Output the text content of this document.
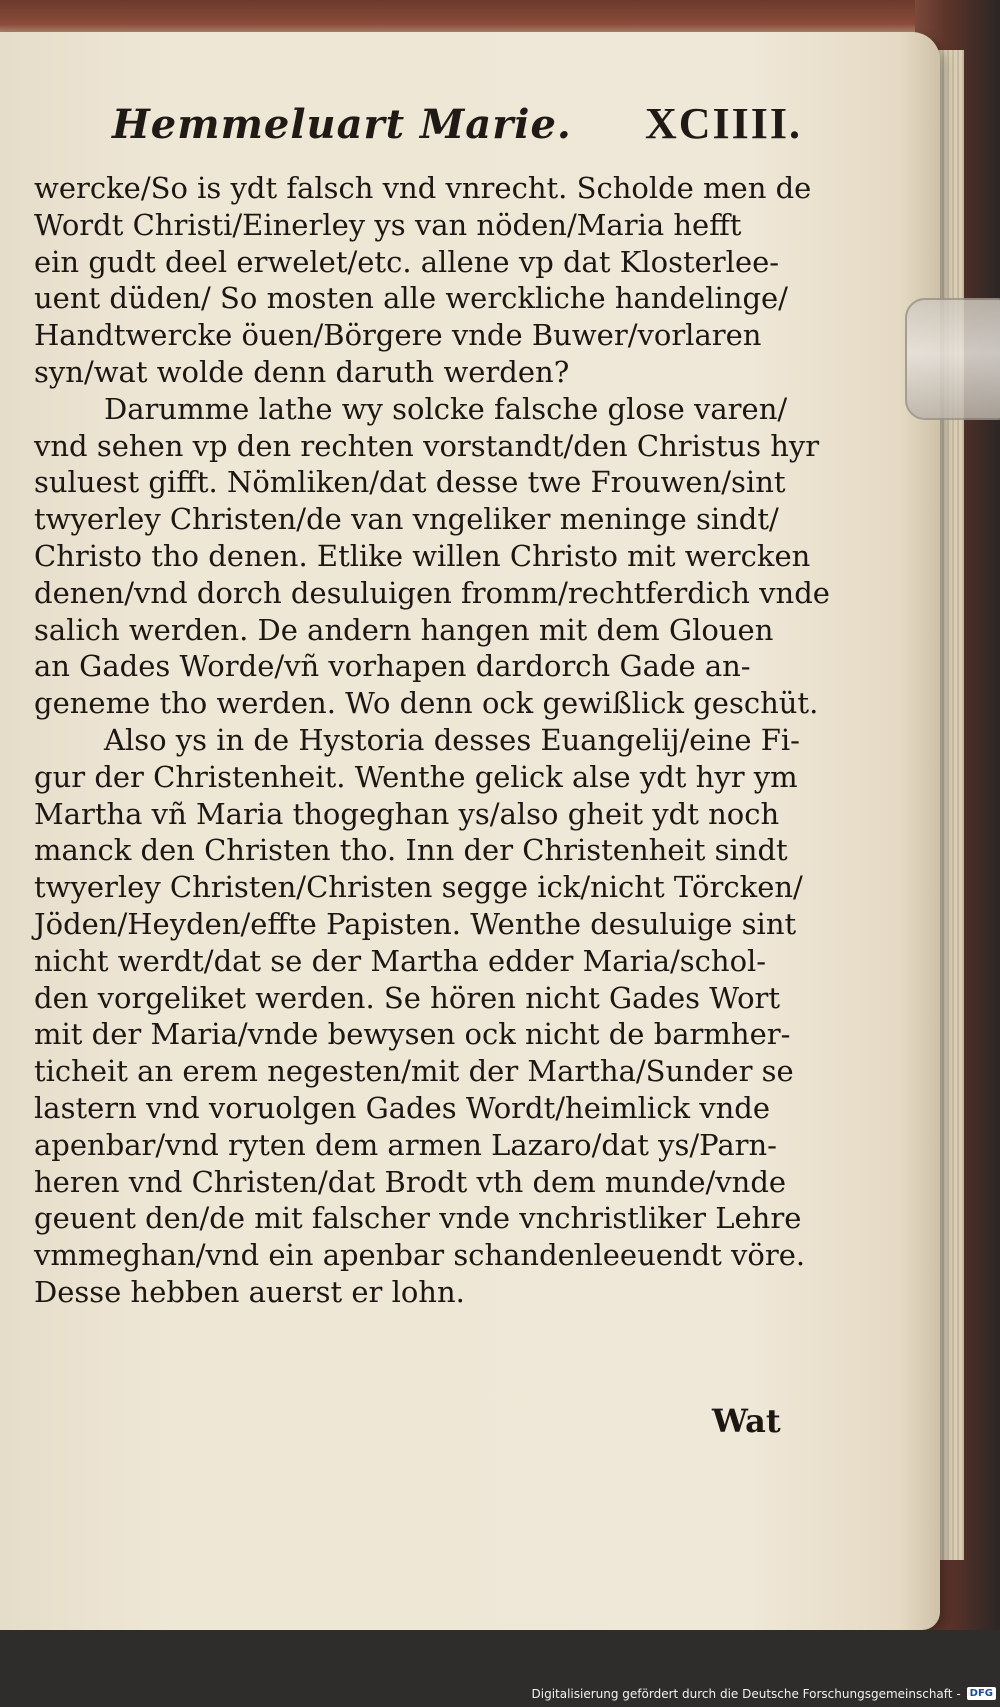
Hemmeluart Marie. XCIIII.
wercke/So is ydt falsch vnd vnrecht. Scholde men de
Wordt Christi/Einerley ys van nöden/Maria hefft
ein gudt deel erwelet/etc. allene vp dat Klosterlee-
uent düden/ So mosten alle werckliche handelinge/
Handtwercke öuen/Börgere vnde Buwer/vorlaren
syn/wat wolde denn daruth werden?
Darumme lathe wy solcke falsche glose varen/
vnd sehen vp den rechten vorstandt/den Christus hyr
suluest gifft. Nömliken/dat desse twe Frouwen/sint
twyerley Christen/de van vngeliker meninge sindt/
Christo tho denen. Etlike willen Christo mit wercken
denen/vnd dorch desuluigen fromm/rechtferdich vnde
salich werden. De andern hangen mit dem Glouen
an Gades Worde/vñ vorhapen dardorch Gade an-
geneme tho werden. Wo denn ock gewißlick geschüt.
Also ys in de Hystoria desses Euangelij/eine Fi-
gur der Christenheit. Wenthe gelick alse ydt hyr ym
Martha vñ Maria thogeghan ys/also gheit ydt noch
manck den Christen tho. Inn der Christenheit sindt
twyerley Christen/Christen segge ick/nicht Törcken/
Jöden/Heyden/effte Papisten. Wenthe desuluige sint
nicht werdt/dat se der Martha edder Maria/schol-
den vorgeliket werden. Se hören nicht Gades Wort
mit der Maria/vnde bewysen ock nicht de barmher-
ticheit an erem negesten/mit der Martha/Sunder se
lastern vnd voruolgen Gades Wordt/heimlick vnde
apenbar/vnd ryten dem armen Lazaro/dat ys/Parn-
heren vnd Christen/dat Brodt vth dem munde/vnde
geuent den/de mit falscher vnde vnchristliker Lehre
vmmeghan/vnd ein apenbar schandenleeuendt vöre.
Desse hebben auerst er lohn.
Wat
Digitalisierung gefördert durch die Deutsche Forschungsgemeinschaft - DFG
